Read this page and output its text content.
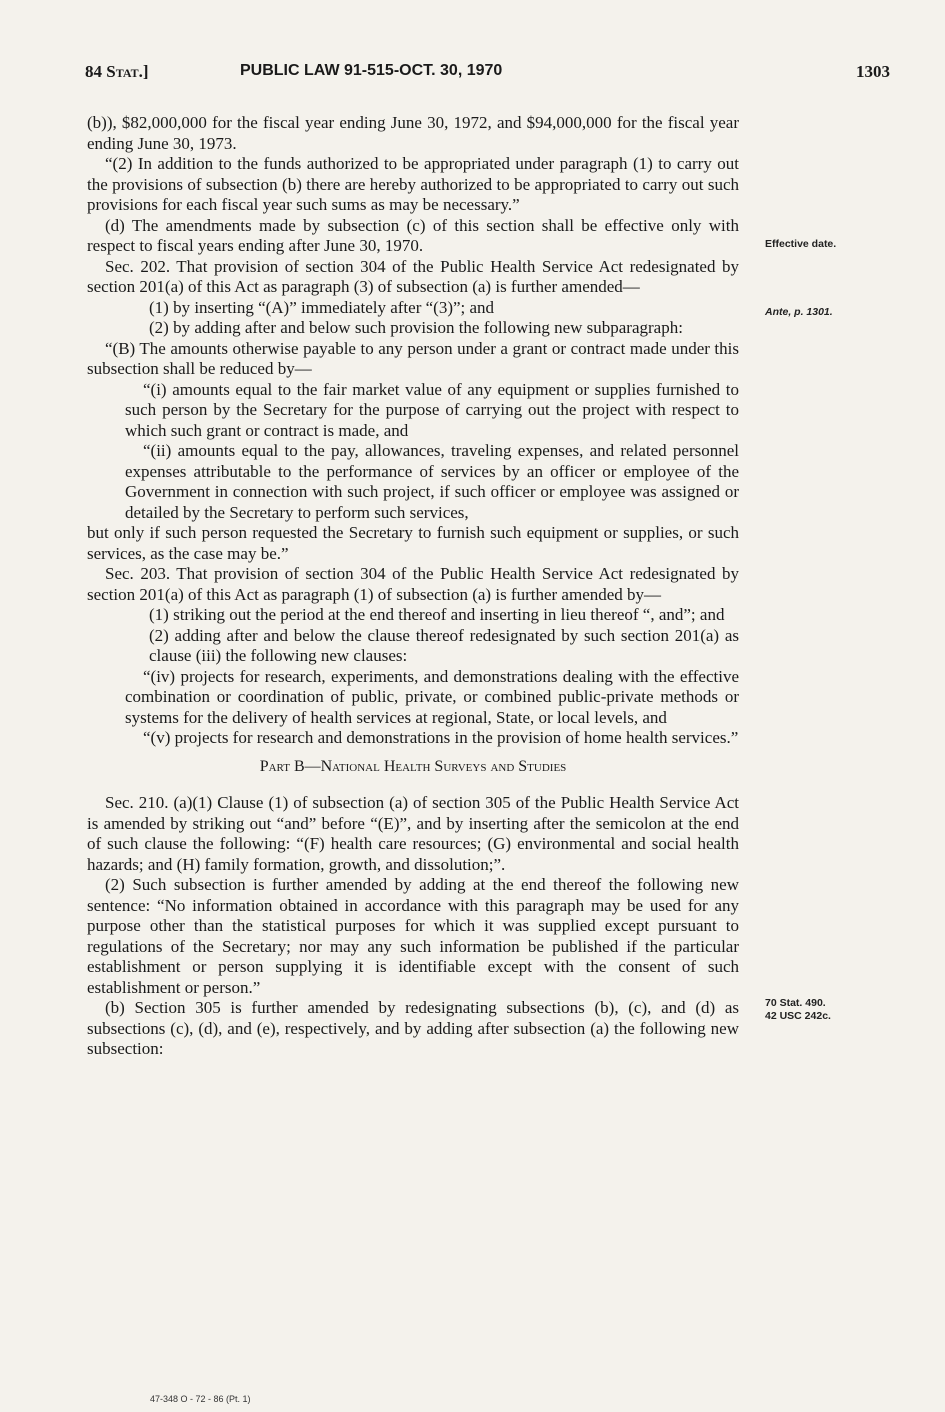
84 Stat.]	PUBLIC LAW 91-515-OCT. 30, 1970	1303

(b)), $82,000,000 for the fiscal year ending June 30, 1972, and $94,000,000 for the fiscal year ending June 30, 1973.

“(2) In addition to the funds authorized to be appropriated under paragraph (1) to carry out the provisions of subsection (b) there are hereby authorized to be appropriated to carry out such provisions for each fiscal year such sums as may be necessary.”

(d) The amendments made by subsection (c) of this section shall be effective only with respect to fiscal years ending after June 30, 1970.

Sec. 202. That provision of section 304 of the Public Health Service Act redesignated by section 201(a) of this Act as paragraph (3) of subsection (a) is further amended—

(1) by inserting “(A)” immediately after “(3)”; and

(2) by adding after and below such provision the following new subparagraph:

“(B) The amounts otherwise payable to any person under a grant or contract made under this subsection shall be reduced by—

“(i) amounts equal to the fair market value of any equipment or supplies furnished to such person by the Secretary for the purpose of carrying out the project with respect to which such grant or contract is made, and

“(ii) amounts equal to the pay, allowances, traveling expenses, and related personnel expenses attributable to the performance of services by an officer or employee of the Government in connection with such project, if such officer or employee was assigned or detailed by the Secretary to perform such services,

but only if such person requested the Secretary to furnish such equipment or supplies, or such services, as the case may be.”

Sec. 203. That provision of section 304 of the Public Health Service Act redesignated by section 201(a) of this Act as paragraph (1) of subsection (a) is further amended by—

(1) striking out the period at the end thereof and inserting in lieu thereof “, and”; and

(2) adding after and below the clause thereof redesignated by such section 201(a) as clause (iii) the following new clauses:

“(iv) projects for research, experiments, and demonstrations dealing with the effective combination or coordination of public, private, or combined public-private methods or systems for the delivery of health services at regional, State, or local levels, and

“(v) projects for research and demonstrations in the provision of home health services.”

Part B—National Health Surveys and Studies

Sec. 210. (a)(1) Clause (1) of subsection (a) of section 305 of the Public Health Service Act is amended by striking out “and” before “(E)”, and by inserting after the semicolon at the end of such clause the following: “(F) health care resources; (G) environmental and social health hazards; and (H) family formation, growth, and dissolution;”.

(2) Such subsection is further amended by adding at the end thereof the following new sentence: “No information obtained in accordance with this paragraph may be used for any purpose other than the statistical purposes for which it was supplied except pursuant to regulations of the Secretary; nor may any such information be published if the particular establishment or person supplying it is identifiable except with the consent of such establishment or person.”

(b) Section 305 is further amended by redesignating subsections (b), (c), and (d) as subsections (c), (d), and (e), respectively, and by adding after subsection (a) the following new subsection:

Effective date.
Ante, p. 1301.
70 Stat. 490.
42 USC 242c.
47-348 O - 72 - 86 (Pt. 1)
